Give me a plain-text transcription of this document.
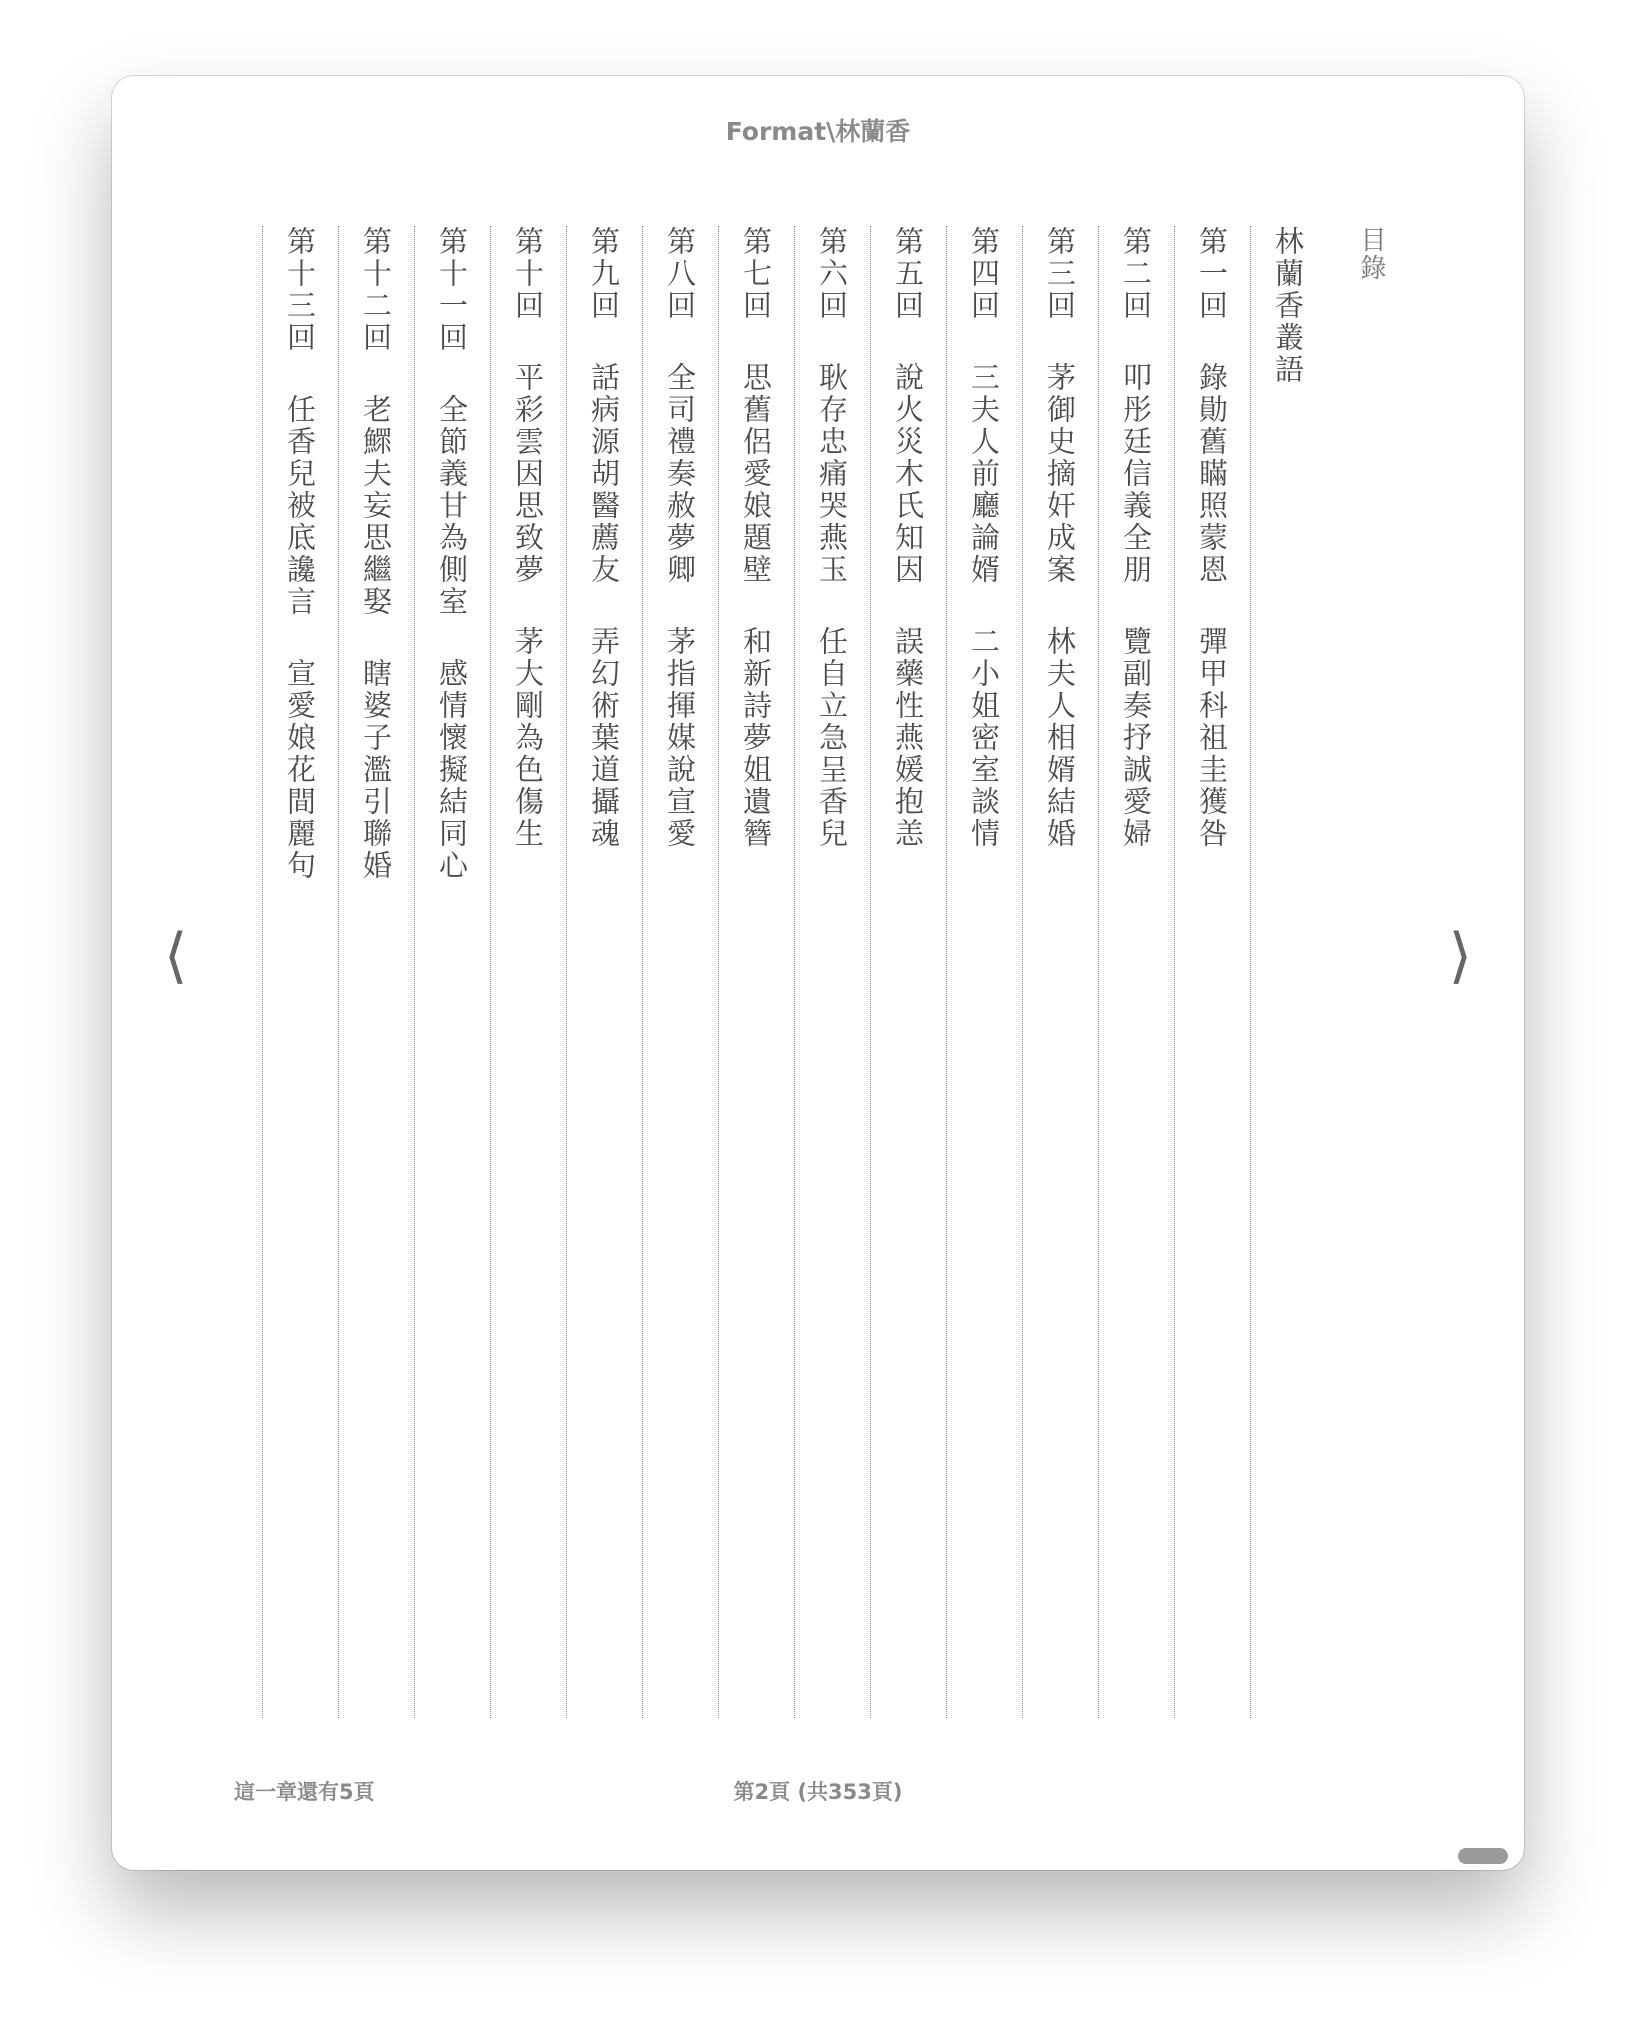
Format\林蘭香
目錄
林蘭香叢語
第一回錄勛舊瞞照蒙恩彈甲科祖圭獲咎
第二回叩彤廷信義全朋覽副奏抒誠愛婦
第三回茅御史摘奸成案林夫人相婿結婚
第四回三夫人前廳論婿二小姐密室談情
第五回說火災木氏知因誤藥性燕媛抱恙
第六回耿存忠痛哭燕玉任自立急呈香兒
第七回思舊侶愛娘題壁和新詩夢姐遺簪
第八回全司禮奏赦夢卿茅指揮媒說宣愛
第九回話病源胡醫薦友弄幻術葉道攝魂
第十回平彩雲因思致夢茅大剛為色傷生
第十一回全節義甘為側室感情懷擬結同心
第十二回老鰥夫妄思繼娶瞎婆子濫引聯婚
第十三回任香兒被底讒言宣愛娘花間麗句
⟨	⟩
這一章還有5頁	第2頁 (共353頁)
